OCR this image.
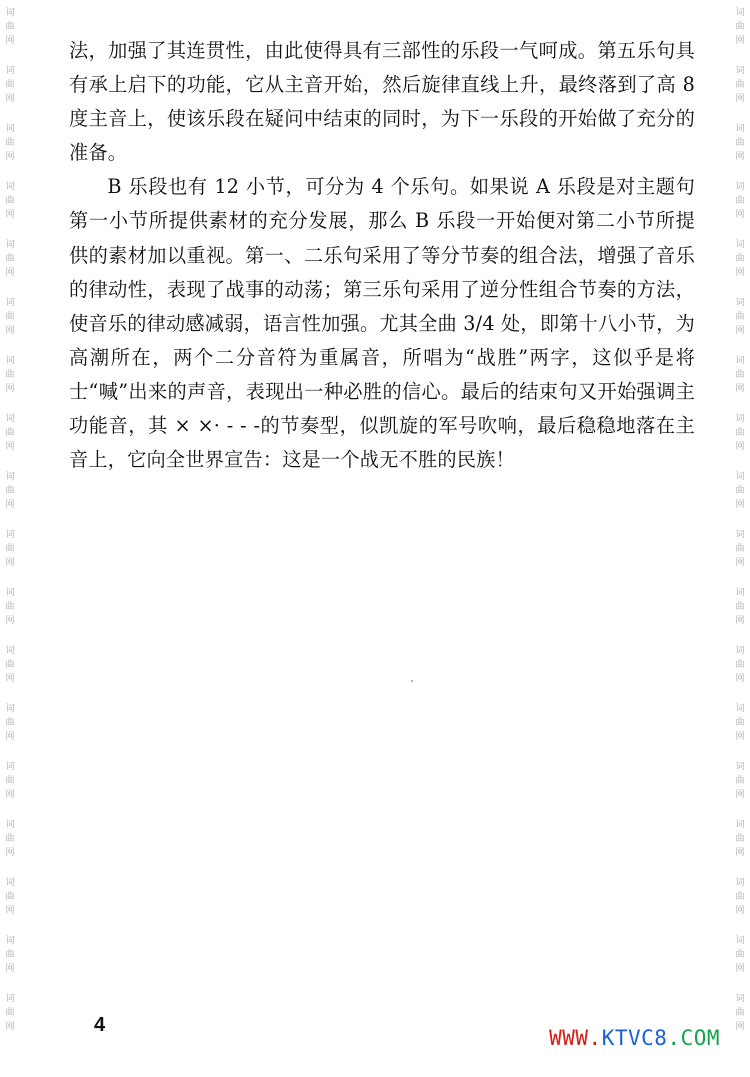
词
曲
网
词
曲
网
词
曲
网
词
曲
网
词
曲
网
词
曲
网
词
曲
网
词
曲
网
词
曲
网
词
曲
网
词
曲
网
词
曲
网
词
曲
网
词
曲
网
词
曲
网
词
曲
网
词
曲
网
词
曲
网
词
曲
网
词
曲
网
词
曲
网
词
曲
网
词
曲
网
词
曲
网
词
曲
网
词
曲
网
词
曲
网
词
曲
网
词
曲
网
词
曲
网
词
曲
网
词
曲
网
词
曲
网
词
曲
网
词
曲
网
词
曲
网

法，加强了其连贯性，由此使得具有三部性的乐段一气呵成。第五乐句具有承上启下的功能，它从主音开始，然后旋律直线上升，最终落到了高 8 度主音上，使该乐段在疑问中结束的同时，为下一乐段的开始做了充分的准备。

B 乐段也有 12 小节，可分为 4 个乐句。如果说 A 乐段是对主题句第一小节所提供素材的充分发展，那么 B 乐段一开始便对第二小节所提供的素材加以重视。第一、二乐句采用了等分节奏的组合法，增强了音乐的律动性，表现了战事的动荡；第三乐句采用了逆分性组合节奏的方法，使音乐的律动感减弱，语言性加强。尤其全曲 3/4 处，即第十八小节，为高潮所在，两个二分音符为重属音，所唱为“战胜”两字，这似乎是将士“喊”出来的声音，表现出一种必胜的信心。最后的结束句又开始强调主功能音，其 × ×· - - -的节奏型，似凯旋的军号吹响，最后稳稳地落在主音上，它向全世界宣告：这是一个战无不胜的民族！

4
WWW.KTVC8.COM
